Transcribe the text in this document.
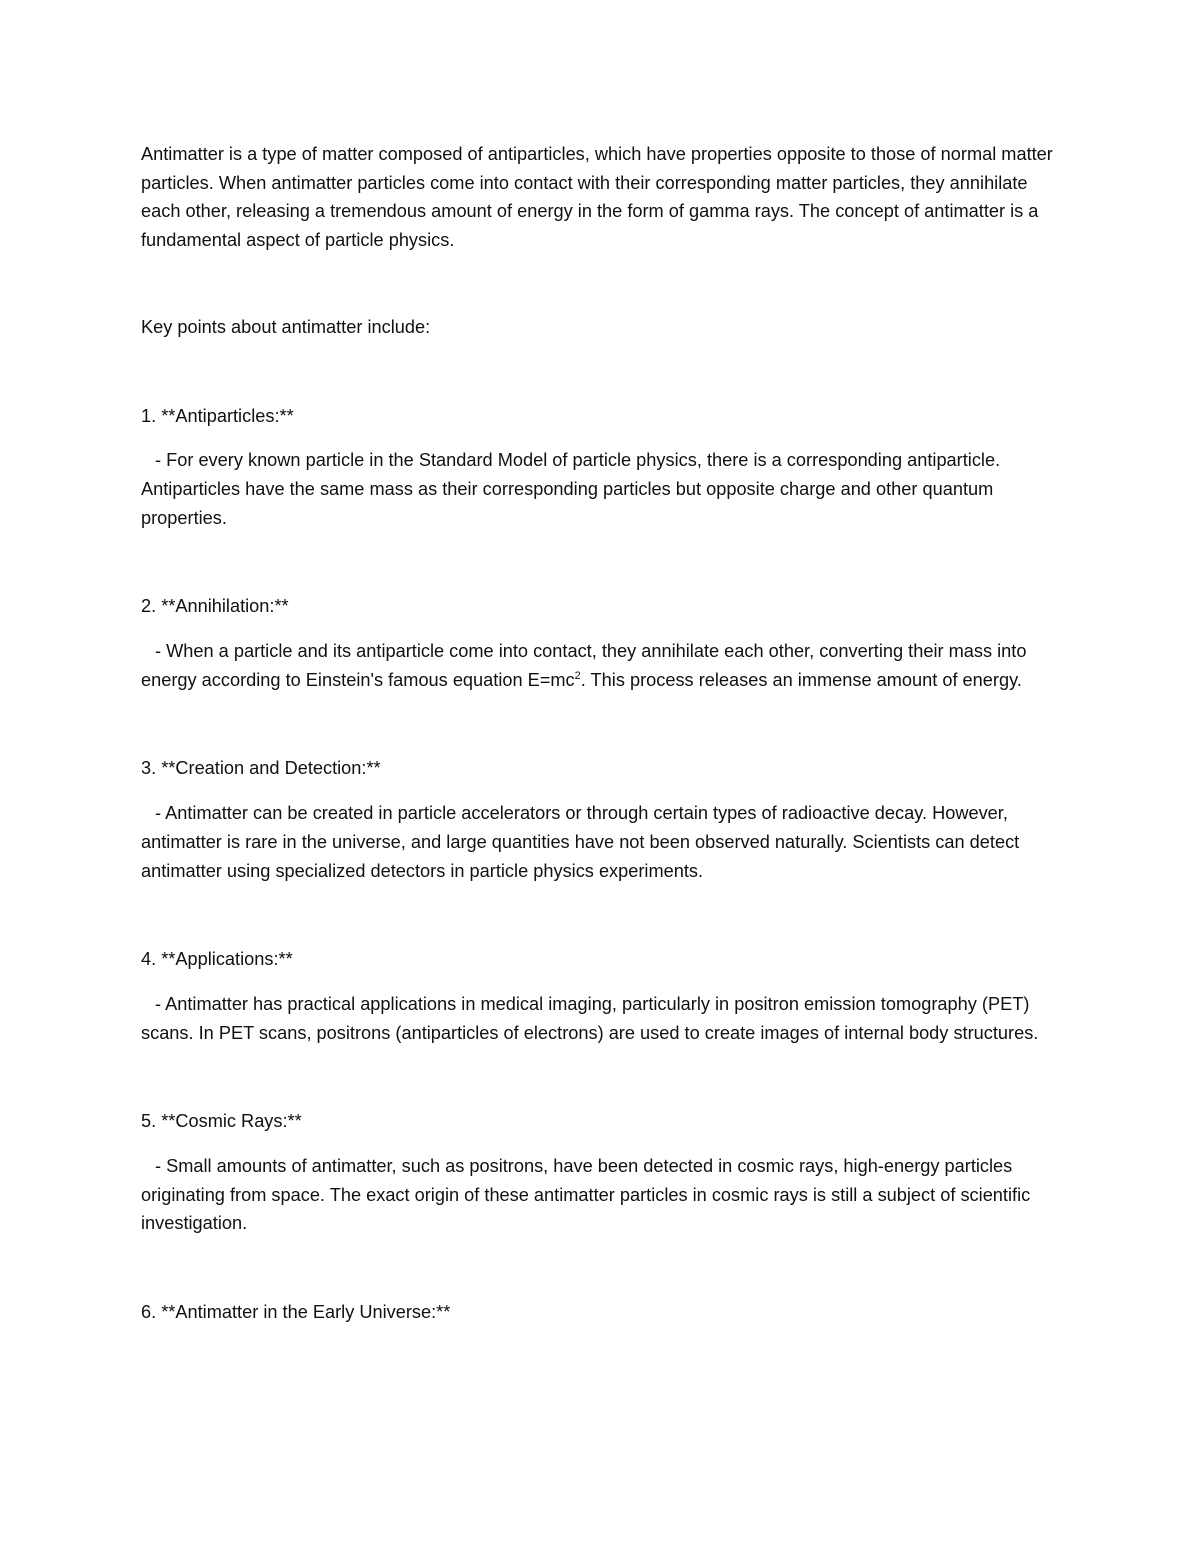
Antimatter is a type of matter composed of antiparticles, which have properties opposite to those of normal matter particles. When antimatter particles come into contact with their corresponding matter particles, they annihilate each other, releasing a tremendous amount of energy in the form of gamma rays. The concept of antimatter is a fundamental aspect of particle physics.

Key points about antimatter include:

1. **Antiparticles:**

- For every known particle in the Standard Model of particle physics, there is a corresponding antiparticle. Antiparticles have the same mass as their corresponding particles but opposite charge and other quantum properties.

2. **Annihilation:**

- When a particle and its antiparticle come into contact, they annihilate each other, converting their mass into energy according to Einstein's famous equation $E=mc^2$. This process releases an immense amount of energy.

3. **Creation and Detection:**

- Antimatter can be created in particle accelerators or through certain types of radioactive decay. However, antimatter is rare in the universe, and large quantities have not been observed naturally. Scientists can detect antimatter using specialized detectors in particle physics experiments.

4. **Applications:**

- Antimatter has practical applications in medical imaging, particularly in positron emission tomography (PET) scans. In PET scans, positrons (antiparticles of electrons) are used to create images of internal body structures.

5. **Cosmic Rays:**

- Small amounts of antimatter, such as positrons, have been detected in cosmic rays, high-energy particles originating from space. The exact origin of these antimatter particles in cosmic rays is still a subject of scientific investigation.

6. **Antimatter in the Early Universe:**
